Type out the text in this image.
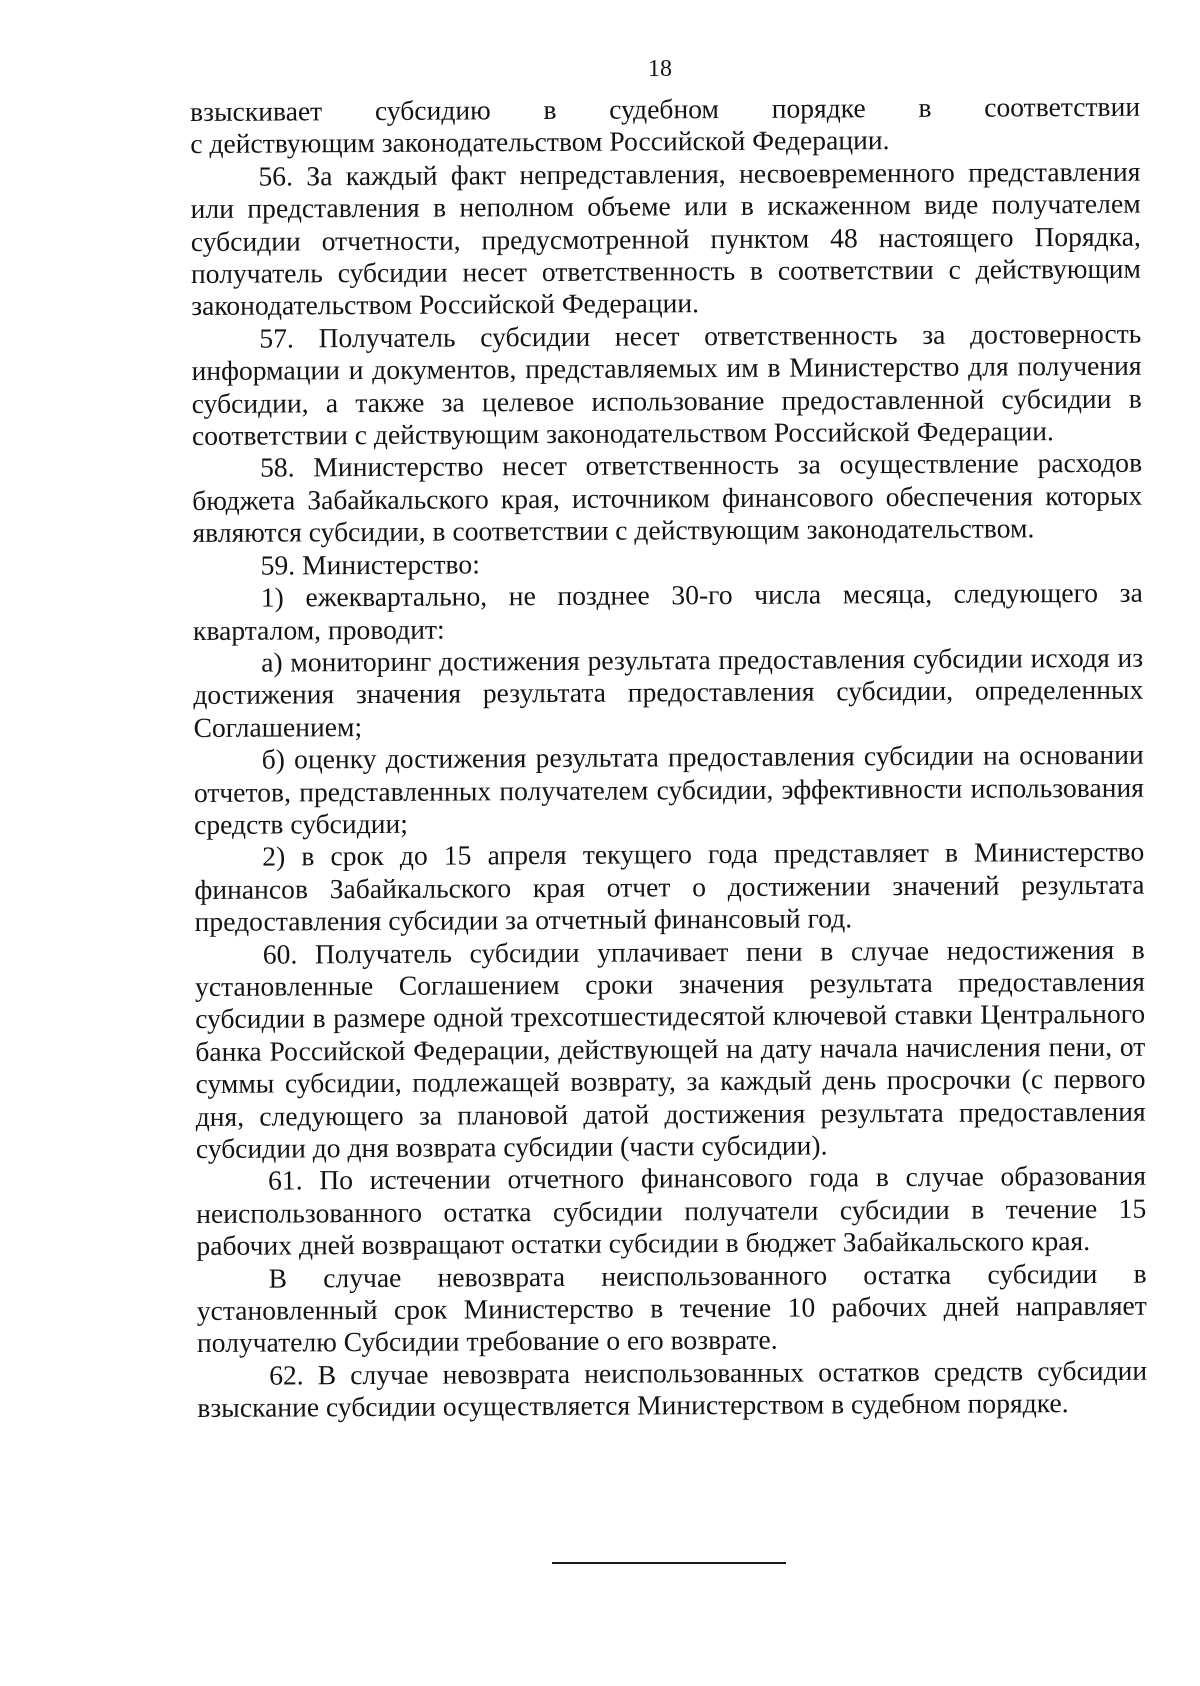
18

взыскивает субсидию в судебном порядке в соответствии

с действующим законодательством Российской Федерации.

56. За каждый факт непредставления, несвоевременного представления или представления в неполном объеме или в искаженном виде получателем субсидии отчетности, предусмотренной пунктом 48 настоящего Порядка, получатель субсидии несет ответственность в соответствии с действующим законодательством Российской Федерации.

57. Получатель субсидии несет ответственность за достоверность информации и документов, представляемых им в Министерство для получения субсидии, а также за целевое использование предоставленной субсидии в соответствии с действующим законодательством Российской Федерации.

58. Министерство несет ответственность за осуществление расходов бюджета Забайкальского края, источником финансового обеспечения которых являются субсидии, в соответствии с действующим законодательством.

59. Министерство:

1) ежеквартально, не позднее 30-го числа месяца, следующего за кварталом, проводит:

а) мониторинг достижения результата предоставления субсидии исходя из достижения значения результата предоставления субсидии, определенных Соглашением;

б) оценку достижения результата предоставления субсидии на основании отчетов, представленных получателем субсидии, эффективности использования средств субсидии;

2) в срок до 15 апреля текущего года представляет в Министерство финансов Забайкальского края отчет о достижении значений результата предоставления субсидии за отчетный финансовый год.

60. Получатель субсидии уплачивает пени в случае недостижения в установленные Соглашением сроки значения результата предоставления субсидии в размере одной трехсотшестидесятой ключевой ставки Центрального банка Российской Федерации, действующей на дату начала начисления пени, от суммы субсидии, подлежащей возврату, за каждый день просрочки (с первого дня, следующего за плановой датой достижения результата предоставления субсидии до дня возврата субсидии (части субсидии).

61. По истечении отчетного финансового года в случае образования неиспользованного остатка субсидии получатели субсидии в течение 15 рабочих дней возвращают остатки субсидии в бюджет Забайкальского края.

В случае невозврата неиспользованного остатка субсидии в установленный срок Министерство в течение 10 рабочих дней направляет получателю Субсидии требование о его возврате.

62. В случае невозврата неиспользованных остатков средств субсидии взыскание субсидии осуществляется Министерством в судебном порядке.
